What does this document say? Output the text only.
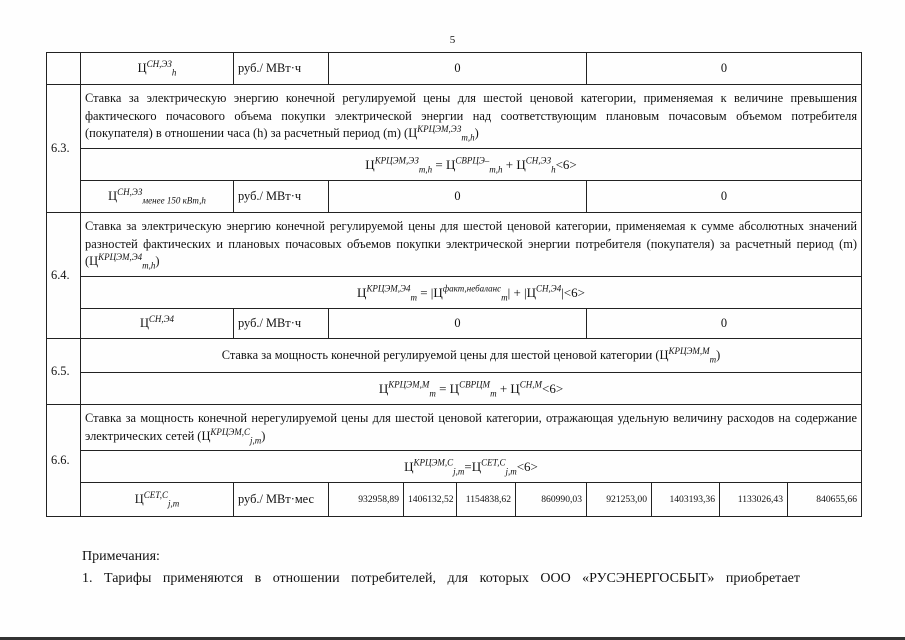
5
	$Ц^{СН,ЭЗ}_h$	руб./ МВт·ч	0				0			
6.3.	Ставка за электрическую энергию конечной регулируемой цены для шестой ценовой категории, применяемая к величине превышения фактического почасового объема покупки электрической энергии над соответствующим плановым почасовым объемом потребителя (покупателя) в отношении часа (h) за расчетный период (m) $(Ц^{КРЦЭМ,ЭЗ}_{m,h})$									
	$Ц^{КРЦЭМ,ЭЗ}_{m,h} = Ц^{СВРЦЭ-}_{m,h} + Ц^{СН,ЭЗ}_h<6>$									
	$Ц^{СН,ЭЗ}_{менее 150 кВт,h}$	руб./ МВт·ч	0				0			
6.4.	Ставка за электрическую энергию конечной регулируемой цены для шестой ценовой категории, применяемая к сумме абсолютных значений разностей фактических и плановых почасовых объемов покупки электрической энергии потребителя (покупателя) за расчетный период (m) $(Ц^{КРЦЭМ,Э4}_{m,h})$									
	$Ц^{КРЦЭМ,Э4}_m = |Ц^{факт,небаланс}_m| + |Ц^{СН,Э4}|<6>$									
	$Ц^{СН,Э4}$	руб./ МВт·ч	0				0			
6.5.	Ставка за мощность конечной регулируемой цены для шестой ценовой категории $(Ц^{КРЦЭМ,М}_m)$									
	$Ц^{КРЦЭМ,М}_m = Ц^{СВРЦМ}_m + Ц^{СН,М}<6>$									
6.6.	Ставка за мощность конечной нерегулируемой цены для шестой ценовой категории, отражающая удельную величину расходов на содержание электрических сетей $(Ц^{КРЦЭМ,C}_{j,m})$									
	$Ц^{КРЦЭМ,C}_{j,m}=Ц^{СЕТ,C}_{j,m}<6>$									
	$Ц^{СЕТ,C}_{j,m}$	руб./ МВт·мес	932958,89	1406132,52	1154838,62	860990,03	921253,00	1403193,36	1133026,43	840655,66

Примечания:

1. Тарифы применяются в отношении потребителей, для которых ООО «РУСЭНЕРГОСБЫТ» приобретает
